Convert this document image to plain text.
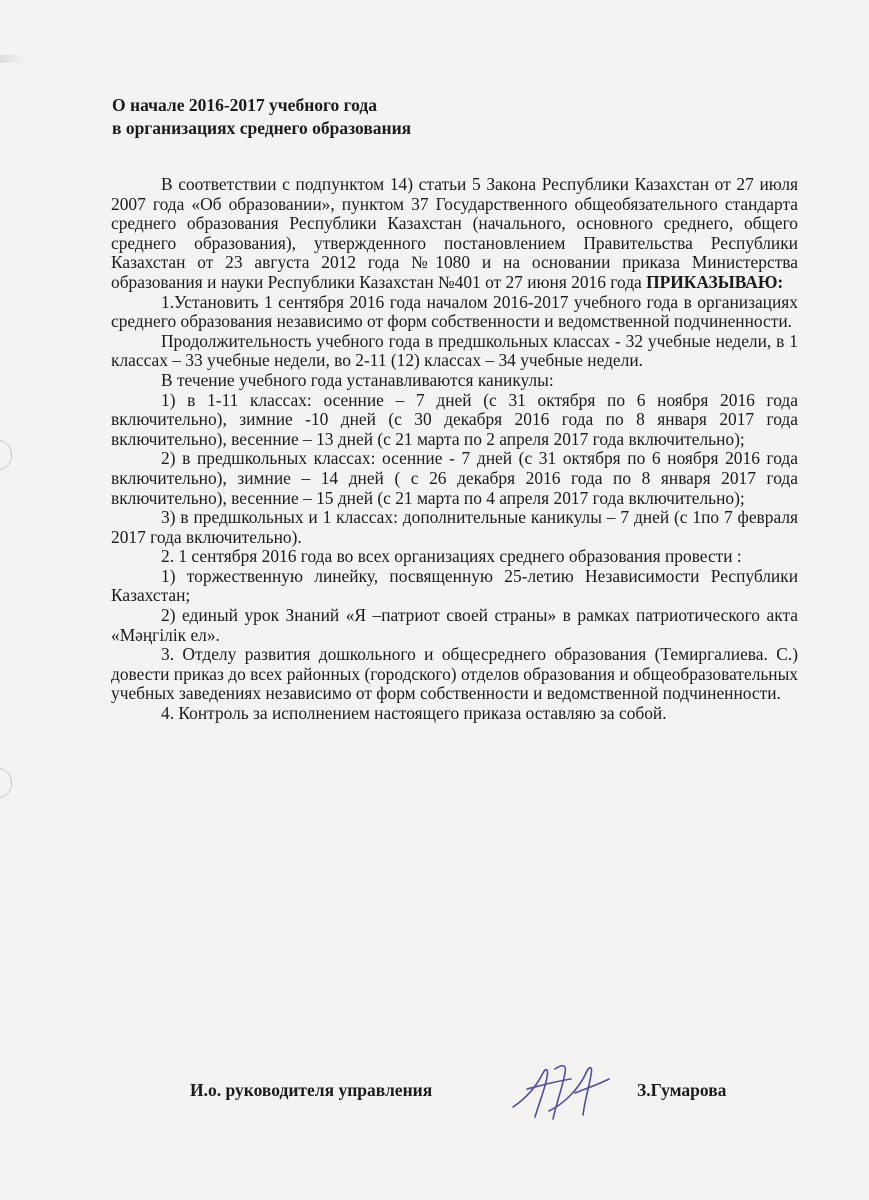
О начале 2016-2017 учебного года
в организациях среднего образования

В соответствии с подпунктом 14) статьи 5 Закона Республики Казахстан от 27 июля 2007 года «Об образовании», пунктом 37 Государственного общеобязательного стандарта среднего образования Республики Казахстан (начального, основного среднего, общего среднего образования), утвержденного постановлением Правительства Республики Казахстан от 23 августа 2012 года №1080 и на основании приказа Министерства образования и науки Республики Казахстан №401 от 27 июня 2016 года ПРИКАЗЫВАЮ:

1.Установить 1 сентября 2016 года началом 2016-2017 учебного года в организациях среднего образования независимо от форм собственности и ведомственной подчиненности.

Продолжительность учебного года в предшкольных классах - 32 учебные недели, в 1 классах – 33 учебные недели, во 2-11 (12) классах – 34 учебные недели.

В течение учебного года устанавливаются каникулы:

1) в 1-11 классах: осенние – 7 дней (с 31 октября по 6 ноября 2016 года включительно), зимние -10 дней (с 30 декабря 2016 года по 8 января 2017 года включительно), весенние – 13 дней (с 21 марта по 2 апреля 2017 года включительно);

2) в предшкольных классах: осенние - 7 дней (с 31 октября по 6 ноября 2016 года включительно), зимние – 14 дней ( с 26 декабря 2016 года по 8 января 2017 года включительно), весенние – 15 дней (с 21 марта по 4 апреля 2017 года включительно);

3) в предшкольных и 1 классах: дополнительные каникулы – 7 дней (с 1по 7 февраля 2017 года включительно).

2. 1 сентября 2016 года во всех организациях среднего образования провести :

1) торжественную линейку, посвященную 25-летию Независимости Республики Казахстан;

2) единый урок Знаний «Я –патриот своей страны» в рамках патриотического акта «Мәңгілік ел».

3. Отделу развития дошкольного и общесреднего образования (Темиргалиева. С.) довести приказ до всех районных (городского) отделов образования и общеобразовательных учебных заведениях независимо от форм собственности и ведомственной подчиненности.

4. Контроль за исполнением настоящего приказа оставляю за собой.

И.о. руководителя управления	З.Гумарова
